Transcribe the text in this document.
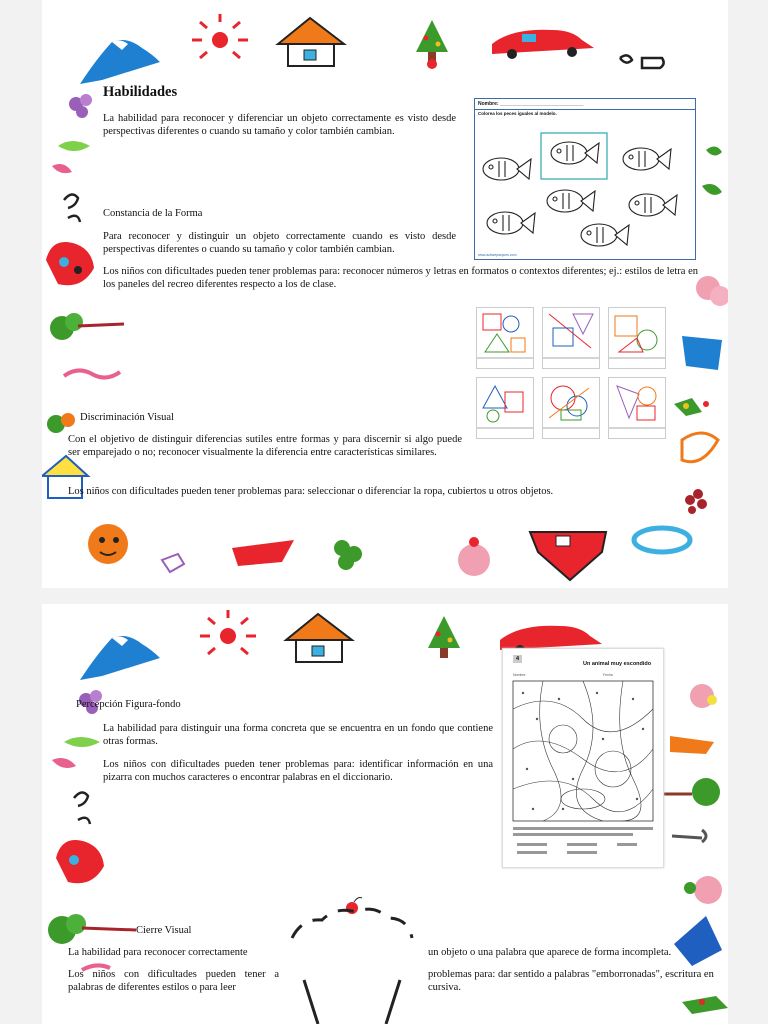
Habilidades

La habilidad para reconocer y diferenciar un objeto correctamente es visto desde perspectivas diferentes o cuando su tamaño y color también cambian.

Constancia de la Forma

Para reconocer y distinguir un objeto correctamente cuando es visto desde perspectivas diferentes o cuando su tamaño y color también cambian.

Los niños con dificultades pueden tener problemas para: reconocer números y letras en formatos o contextos diferentes; ej.: estilos de letra en los paneles del recreo diferentes respecto a los de clase.

Discriminación Visual

Con el objetivo de distinguir diferencias sutiles entre formas y para discernir si algo puede ser emparejado o no; reconocer visualmente la diferencia entre características similares.

Los niños con dificultades pueden tener problemas para: seleccionar o diferenciar la ropa, cubiertos u otros objetos.

Nombre: ______________________________
Colorea los peces iguales al modelo.
www.actiweparques.com

Percepción Figura-fondo

La habilidad para distinguir una forma concreta que se encuentra en un fondo que contiene otras formas.

Los niños con dificultades pueden tener problemas para: identificar información en una pizarra con muchos caracteres o encontrar palabras en el diccionario.

Cierre Visual

La habilidad para reconocer correctamente	un objeto o una palabra que aparece de forma incompleta.

Los niños con dificultades pueden tener a palabras de diferentes estilos o para leer

problemas para: dar sentido a palabras "emborronadas", escritura en cursiva.

4
Un animal muy escondido
Nombre	Fecha
